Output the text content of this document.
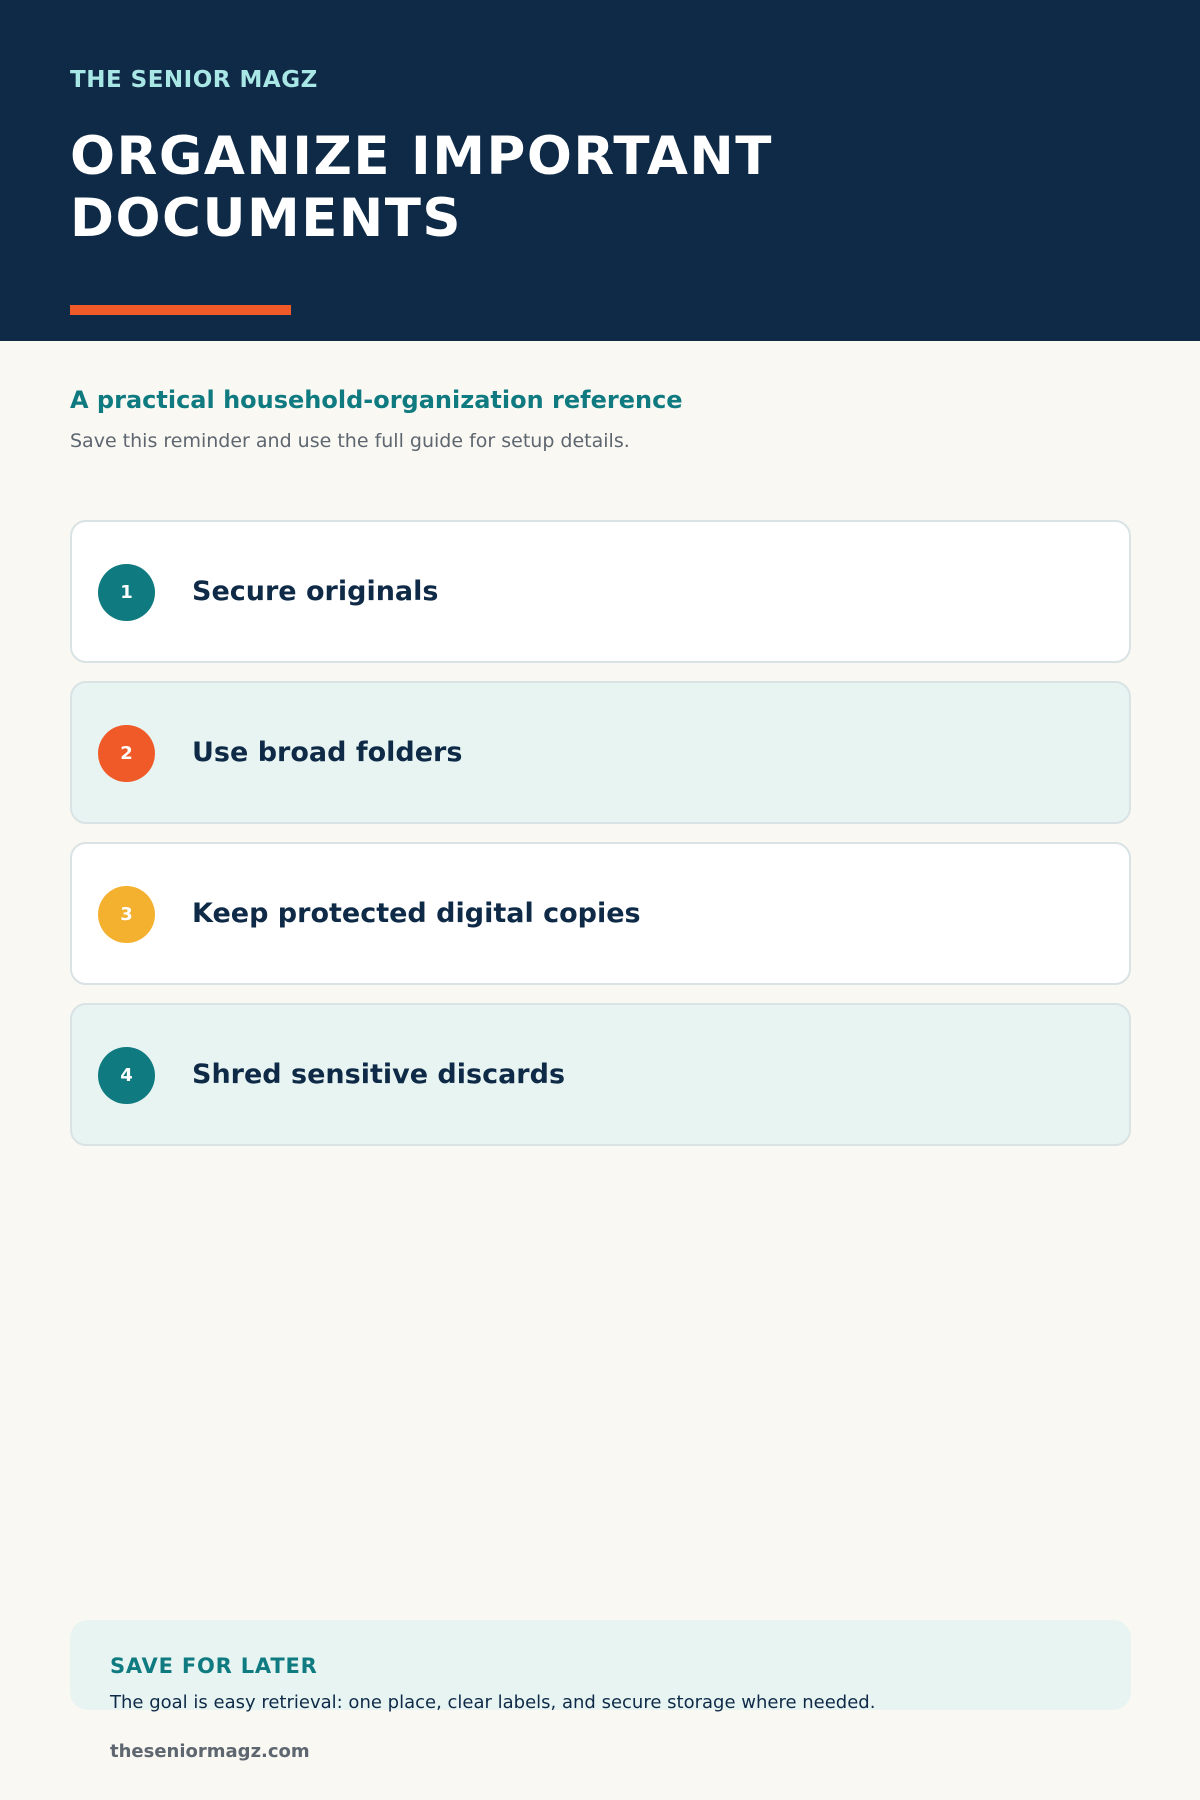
THE SENIOR MAGZ

ORGANIZE IMPORTANT DOCUMENTS
A practical household-organization reference

Save this reminder and use the full guide for setup details.

1	Secure originals
2	Use broad folders
3	Keep protected digital copies
4	Shred sensitive discards
SAVE FOR LATER
The goal is easy retrieval: one place, clear labels, and secure storage where needed.
theseniormagz.com
